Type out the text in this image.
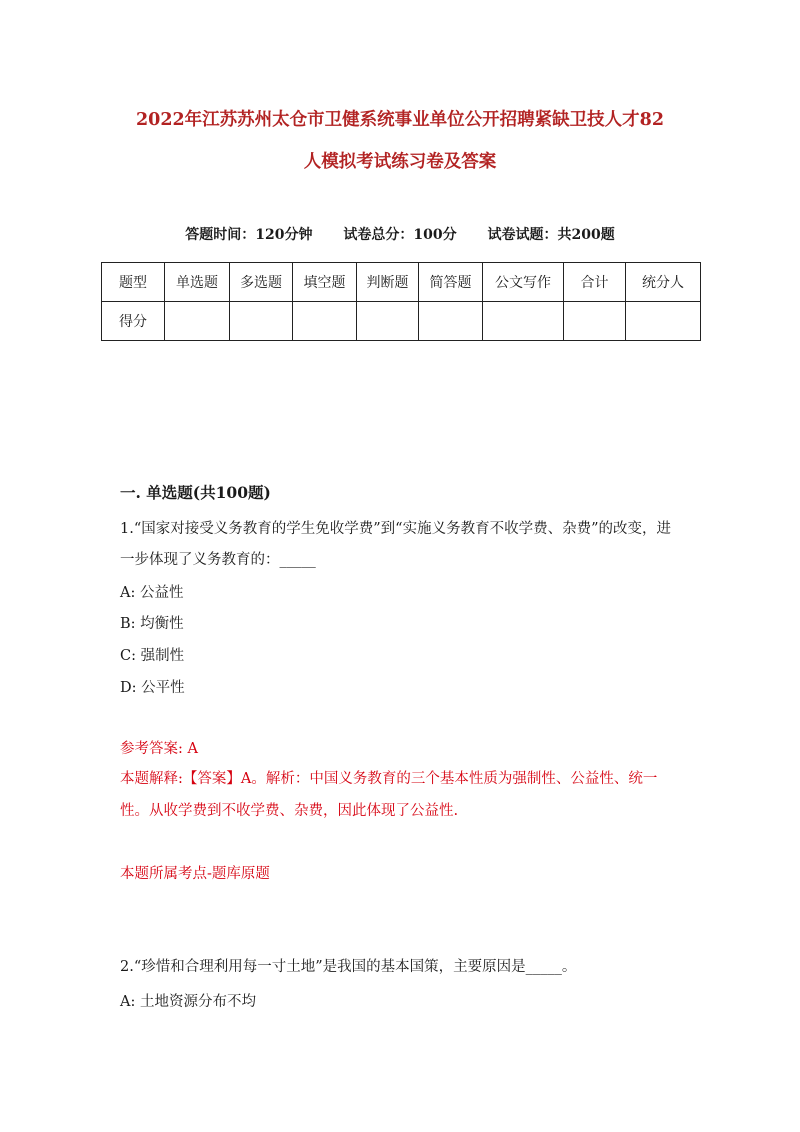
2022年江苏苏州太仓市卫健系统事业单位公开招聘紧缺卫技人才82
人模拟考试练习卷及答案
答题时间：120分钟 试卷总分：100分 试卷试题：共200题
题型	单选题	多选题	填空题	判断题	简答题	公文写作	合计	统分人
得分								
一. 单选题(共100题)

1.“国家对接受义务教育的学生免收学费”到“实施义务教育不收学费、杂费”的改变，进一步体现了义务教育的：_____

A: 公益性
B: 均衡性
C: 强制性
D: 公平性
参考答案: A

本题解释:【答案】A。解析：中国义务教育的三个基本性质为强制性、公益性、统一性。从收学费到不收学费、杂费，因此体现了公益性.

本题所属考点-题库原题

2.“珍惜和合理利用每一寸土地”是我国的基本国策，主要原因是_____。

A: 土地资源分布不均
